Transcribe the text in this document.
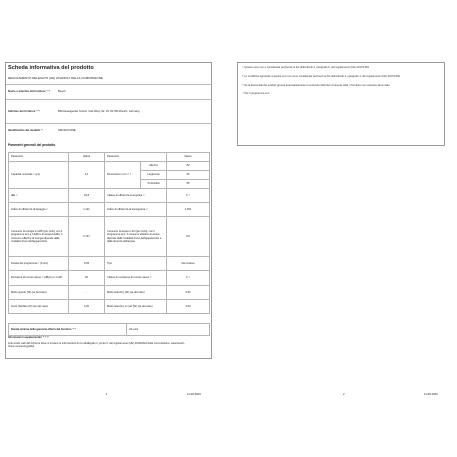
Scheda informativa del prodotto
REGOLAMENTO DELEGATO (UE) 2019/2017 DELLA COMMISSIONE
Nome o marchio del fornitore ¹⁾ ²⁾	Bosch
Indirizzo del fornitore ¹⁾ ²⁾	BSH Hausgeräte GmbH, Carl-Wery-Str. 34, 81739 Munich, Germany
Identificativo del modello ²⁾	SMV2HVX39E
Parametri generali del prodotto
Parametro	Valore	Parametro		Valore
Capacità nominale ᵃ⁾ (ps)	14	Dimensioni in cm ²⁾ ³⁾	Altezza	82
			Larghezza	60
			Profondità	55
IEE ᵃ⁾	43,8	Classe di efficienza energetica ᵃ⁾		C ⁴⁾
Indice di efficienza di lavaggio ᵃ⁾	1,121	Indice di efficienza di asciugatura ᵃ⁾		1,061
Consumo di energia in kWh [per ciclo], con il programma eco e l'utilizzo di acqua fredda. Il consumo effettivo di energia dipende dalle modalità d'uso dell'apparecchio.	0,747	Consumo di acqua in litri [per ciclo], con il programma eco. Il consumo effettivo di acqua dipende dalle modalità d'uso dell'apparecchio e dalla durezza dell'acqua.		9,5
Durata del programma ᵃ⁾ (h:min)	4:55	Tipo		Da incasso
Emissioni di rumore aereo ᵃ⁾ (dB(A) re 1 pW)	46	Classe di emissione di rumore aereo ᵃ⁾		C ⁴⁾
Modo spento (W) (se del caso)	-	Modo stand-by (W) (se del caso)		0,50
Avvio ritardato (W) (se del caso)	4,00	Modo stand-by in rete (W) (se del caso)		2,00
Durata minima della garanzia offerta dal fornitore ¹⁾ ²⁾	24 mesi
Informazioni supplementari ¹⁾ ²⁾ ⁵⁾
Link al sito web del fornitore dove si trovano le informazioni di cui all'allegato II, punto 6, del regolamento (UE) 2019/2022 della Commissione: www.bosch-home.com/energylabel
1	11.08.2020
ᵃ⁾ Questo voce non è considerata pertinente ai fini dell'articolo 2, paragrafo 6, del regolamento (UE) 2017/1369.
²⁾ Le modifiche apportate a queste voci non sono considerate pertinenti ai fini dell'articolo 4, paragrafo 4, del regolamento (UE) 2017/1369.
³⁾ Se la banca dati dei prodotti genera automaticamente il contenuto definitivo di questa cella, il fornitore non inserisce alcun dato.
⁴⁾ Per il programma eco
2	11.08.2020
